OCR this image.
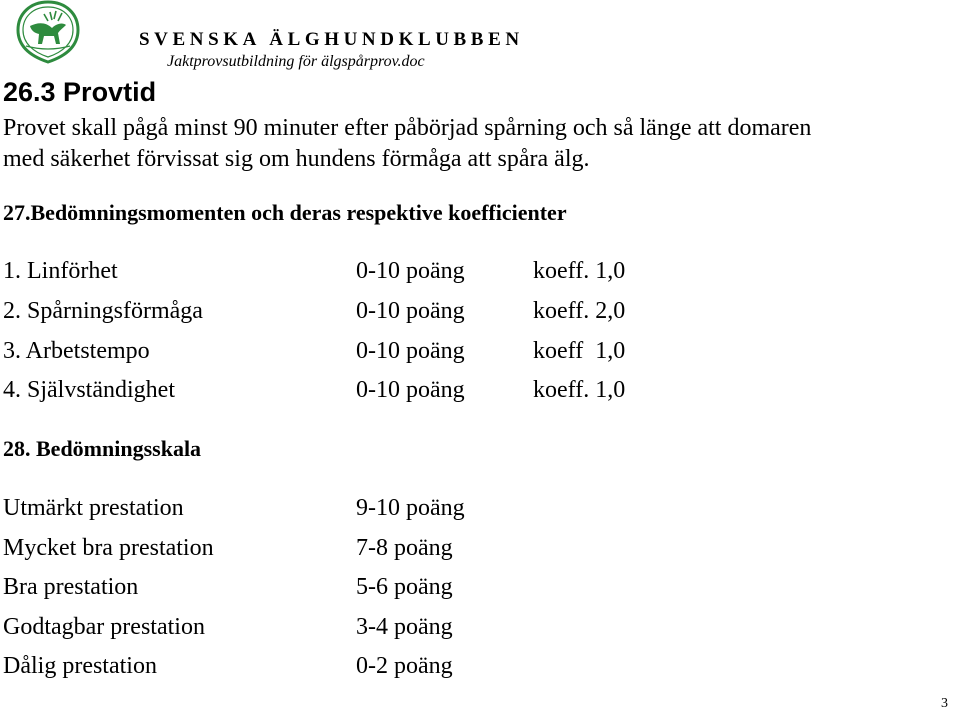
SVENSKA ÄLGHUNDKLUBBEN
Jaktprovsutbildning för älgspårprov.doc
26.3 Provtid
Provet skall pågå minst 90 minuter efter påbörjad spårning och så länge att domaren
med säkerhet förvissat sig om hundens förmåga att spåra älg.
27.Bedömningsmomenten och deras respektive koefficienter
1. Linförhet	0-10 poäng	koeff. 1,0
2. Spårningsförmåga	0-10 poäng	koeff. 2,0
3. Arbetstempo	0-10 poäng	koeff  1,0
4. Självständighet	0-10 poäng	koeff. 1,0
28. Bedömningsskala
Utmärkt prestation	9-10 poäng
Mycket bra prestation	7-8 poäng
Bra prestation	5-6 poäng
Godtagbar prestation	3-4 poäng
Dålig prestation	0-2 poäng
3
